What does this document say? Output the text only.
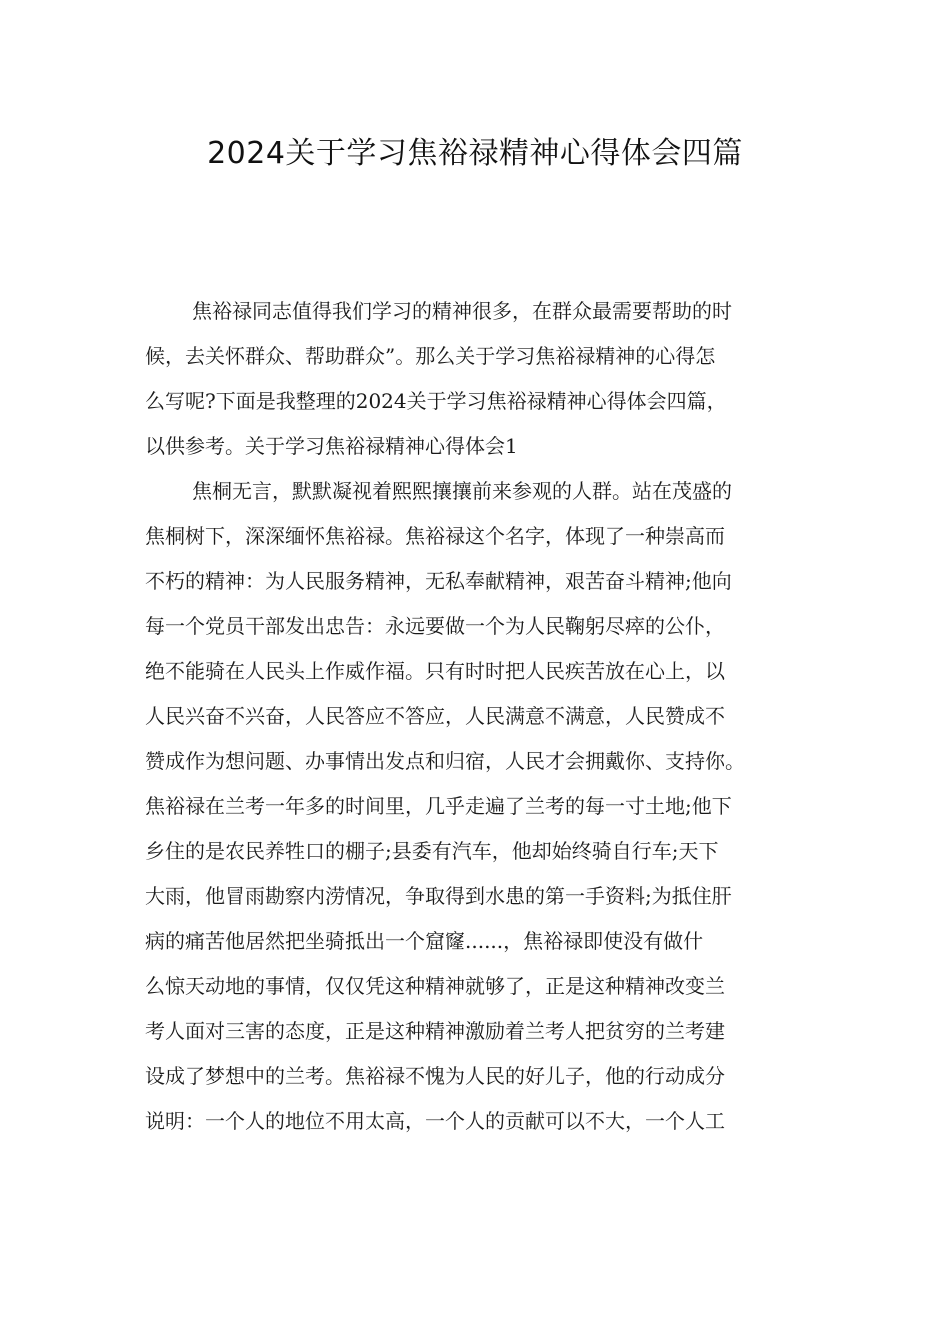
2024关于学习焦裕禄精神心得体会四篇
焦裕禄同志值得我们学习的精神很多，在群众最需要帮助的时
候，去关怀群众、帮助群众”。那么关于学习焦裕禄精神的心得怎
么写呢?下面是我整理的2024关于学习焦裕禄精神心得体会四篇，
以供参考。关于学习焦裕禄精神心得体会1
焦桐无言，默默凝视着熙熙攘攘前来参观的人群。站在茂盛的
焦桐树下，深深缅怀焦裕禄。焦裕禄这个名字，体现了一种崇高而
不朽的精神：为人民服务精神，无私奉献精神，艰苦奋斗精神;他向
每一个党员干部发出忠告：永远要做一个为人民鞠躬尽瘁的公仆，
绝不能骑在人民头上作威作福。只有时时把人民疾苦放在心上，以
人民兴奋不兴奋，人民答应不答应，人民满意不满意，人民赞成不
赞成作为想问题、办事情出发点和归宿，人民才会拥戴你、支持你。
焦裕禄在兰考一年多的时间里，几乎走遍了兰考的每一寸土地;他下
乡住的是农民养牲口的棚子;县委有汽车，他却始终骑自行车;天下
大雨，他冒雨勘察内涝情况，争取得到水患的第一手资料;为抵住肝
病的痛苦他居然把坐骑抵出一个窟窿......，焦裕禄即使没有做什
么惊天动地的事情，仅仅凭这种精神就够了，正是这种精神改变兰
考人面对三害的态度，正是这种精神激励着兰考人把贫穷的兰考建
设成了梦想中的兰考。焦裕禄不愧为人民的好儿子，他的行动成分
说明：一个人的地位不用太高，一个人的贡献可以不大，一个人工
